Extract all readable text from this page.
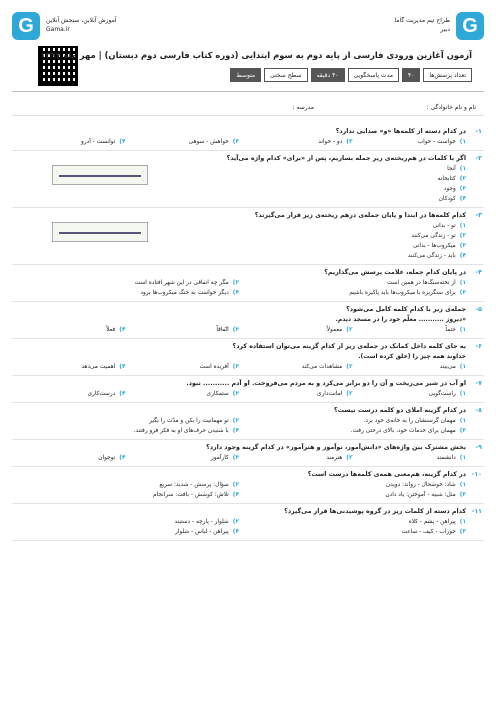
G
طراح تیم مدیریت گاما
دبیر
G	آموزش آنلاین، سنجش آنلاین
Gama.ir
آزمون آغازین ورودی فارسی از پایه دوم به سوم ابتدایی (دوره کتاب فارسی دوم دبستان) | مهر ماه ۱۳۹۷
تعداد پرسش‌ها
۴۰
مدت پاسخگویی
۴۰ دقیقه
سطح سختی
متوسط
نام و نام خانوادگی :
مدرسه :
۱-
در کدام دسته از کلمه‌ها «و» صدایی ندارد؟
۱)خواست - خواب
۲)دو - خواند
۳)خواهش - سوهی
۴)توانست - آدرو
۲-
اگر با کلمات در هم‌ریخته‌ی زیر جمله بسازیم، پس از «برای» کدام واژه می‌آید؟
۱)آنجا
۲)کتابخانه
۳)وجود
۴)کودکان
۳-
کدام کلمه‌ها در ابتدا و پایان جمله‌ی درهم ریخته‌ی زیر قرار می‌گیرند؟
۱)تو - بدانی
۲)تو - زندگی می‌کنند
۳)میکروب‌ها - بدانی
۴)باید - زندگی می‌کنند
۴-
در پایان کدام جمله، علامت پرسش می‌گذاریم؟
۱)از تخته‌سنگ‌ها در همین است
۲)مگر چه اتفاقی در این شهر افتاده است
۳)برای سنگریزه با میکروب‌ها باید پاکیزه باشیم
۴)دیگر خواست به جنگ میکروب‌ها برود
۵-
جمله‌ی زیر با کدام کلمه کامل می‌شود؟
«دیروز ........... معلّم خود را در مسجد دیدم.
۱)حتماً
۲)معمولاً
۳)اتّفاقاً
۴)فعلاً
۶-
به جای کلمه داخل کمانک در جمله‌ی زیر از کدام گزینه می‌توان استفاده کرد؟
خداوند همه چیز را (خلق کرده است).
۱)می‌بیند
۲)مشاهدات می‌کند
۳)آفریده است
۴)اهمیت می‌دهد
۷-
او آب در شیر می‌ریخت و آن را دو برابر می‌کرد و به مردم می‌فروخت. او آدم ........... نبود.
۱)راست‌گویی
۲)امانت‌داری
۳)ستمکاری
۴)درست‌کاری
۸-
در کدام گزینه املای دو کلمه درست نیست؟
۱)مهمان گرسنشان را به خانه‌ی خود برد.
۲)تو مهمانیت را بکن و مدّت را بگیر
۳)مهمان برای خدمات خود، بالای درختی رفت.
۴)با شنیدن حرف‌های او به فکر فرو رفتند.
۹-
بخش مشترک بین واژه‌های «دانش‌آموز، نوآموز و هنرآموز» در کدام گزینه وجود دارد؟
۱)دانشمند
۲)هنرمند
۳)کارآموز
۴)نوجوان
۱۰-
در کدام گزینه، هم‌معنی همه‌ی کلمه‌ها درست است؟
۱)شاد: خوشحال - رواند: دویدن
۲)سؤال: پرسش - شدید: سریع
۳)مثل: شبیه - آموختن: یاد دادن
۴)تلاش: کوشش - بافت: سرانجام
۱۱-
کدام دسته از کلمات زیر در گروه پوشیدنی‌ها قرار می‌گیرد؟
۱)پیراهن - پشم - کلاه
۲)شلوار - پارچه - دستبند
۳)جوراب - کیف - ساعت
۴)پیراهن - لباس - شلوار
